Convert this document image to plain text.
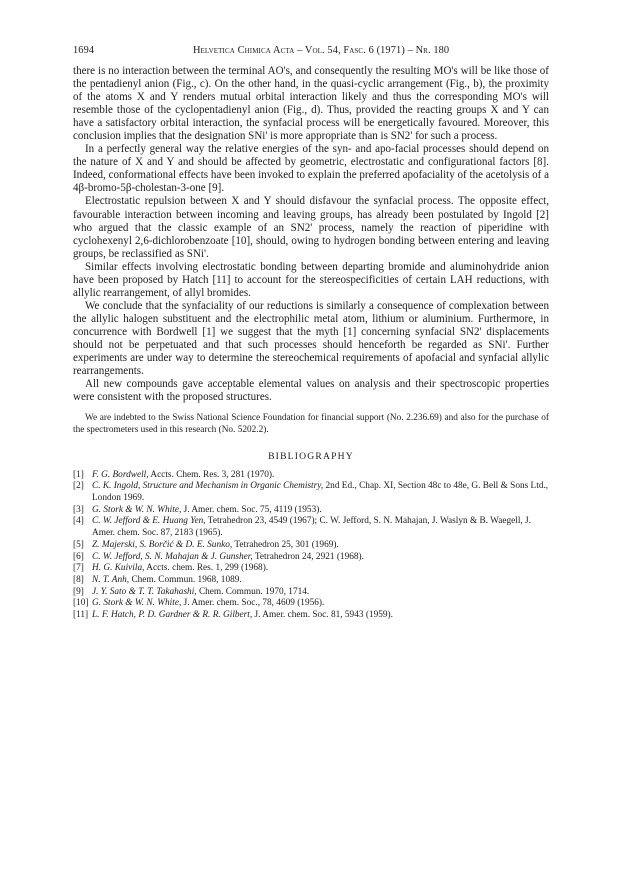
1694	Helvetica Chimica Acta – Vol. 54, Fasc. 6 (1971) – Nr. 180

there is no interaction between the terminal AO's, and consequently the resulting MO's will be like those of the pentadienyl anion (Fig., c). On the other hand, in the quasi-cyclic arrangement (Fig., b), the proximity of the atoms X and Y renders mutual orbital interaction likely and thus the corresponding MO's will resemble those of the cyclopentadienyl anion (Fig., d). Thus, provided the reacting groups X and Y can have a satisfactory orbital interaction, the synfacial process will be energetically favoured. Moreover, this conclusion implies that the designation SNi' is more appropriate than is SN2' for such a process.

In a perfectly general way the relative energies of the syn- and apo-facial processes should depend on the nature of X and Y and should be affected by geometric, electrostatic and configurational factors [8]. Indeed, conformational effects have been invoked to explain the preferred apofaciality of the acetolysis of a 4β-bromo-5β-cholestan-3-one [9].

Electrostatic repulsion between X and Y should disfavour the synfacial process. The opposite effect, favourable interaction between incoming and leaving groups, has already been postulated by Ingold [2] who argued that the classic example of an SN2' process, namely the reaction of piperidine with cyclohexenyl 2,6-dichlorobenzoate [10], should, owing to hydrogen bonding between entering and leaving groups, be reclassified as SNi'.

Similar effects involving electrostatic bonding between departing bromide and aluminohydride anion have been proposed by Hatch [11] to account for the stereospecificities of certain LAH reductions, with allylic rearrangement, of allyl bromides.

We conclude that the synfaciality of our reductions is similarly a consequence of complexation between the allylic halogen substituent and the electrophilic metal atom, lithium or aluminium. Furthermore, in concurrence with Bordwell [1] we suggest that the myth [1] concerning synfacial SN2' displacements should not be perpetuated and that such processes should henceforth be regarded as SNi'. Further experiments are under way to determine the stereochemical requirements of apofacial and synfacial allylic rearrangements.

All new compounds gave acceptable elemental values on analysis and their spectroscopic properties were consistent with the proposed structures.

We are indebted to the Swiss National Science Foundation for financial support (No. 2.236.69) and also for the purchase of the spectrometers used in this research (No. 5202.2).

BIBLIOGRAPHY
[1] F. G. Bordwell, Accts. Chem. Res. 3, 281 (1970).
[2] C. K. Ingold, Structure and Mechanism in Organic Chemistry, 2nd Ed., Chap. XI, Section 48c to 48e, G. Bell & Sons Ltd., London 1969.
[3] G. Stork & W. N. White, J. Amer. chem. Soc. 75, 4119 (1953).
[4] C. W. Jefford & E. Huang Yen, Tetrahedron 23, 4549 (1967); C. W. Jefford, S. N. Mahajan, J. Waslyn & B. Waegell, J. Amer. chem. Soc. 87, 2183 (1965).
[5] Z. Majerski, S. Borčić & D. E. Sunko, Tetrahedron 25, 301 (1969).
[6] C. W. Jefford, S. N. Mahajan & J. Gunsher, Tetrahedron 24, 2921 (1968).
[7] H. G. Kuivila, Accts. chem. Res. 1, 299 (1968).
[8] N. T. Anh, Chem. Commun. 1968, 1089.
[9] J. Y. Sato & T. T. Takahashi, Chem. Commun. 1970, 1714.
[10] G. Stork & W. N. White, J. Amer. chem. Soc., 78, 4609 (1956).
[11] L. F. Hatch, P. D. Gardner & R. R. Gilbert, J. Amer. chem. Soc. 81, 5943 (1959).
